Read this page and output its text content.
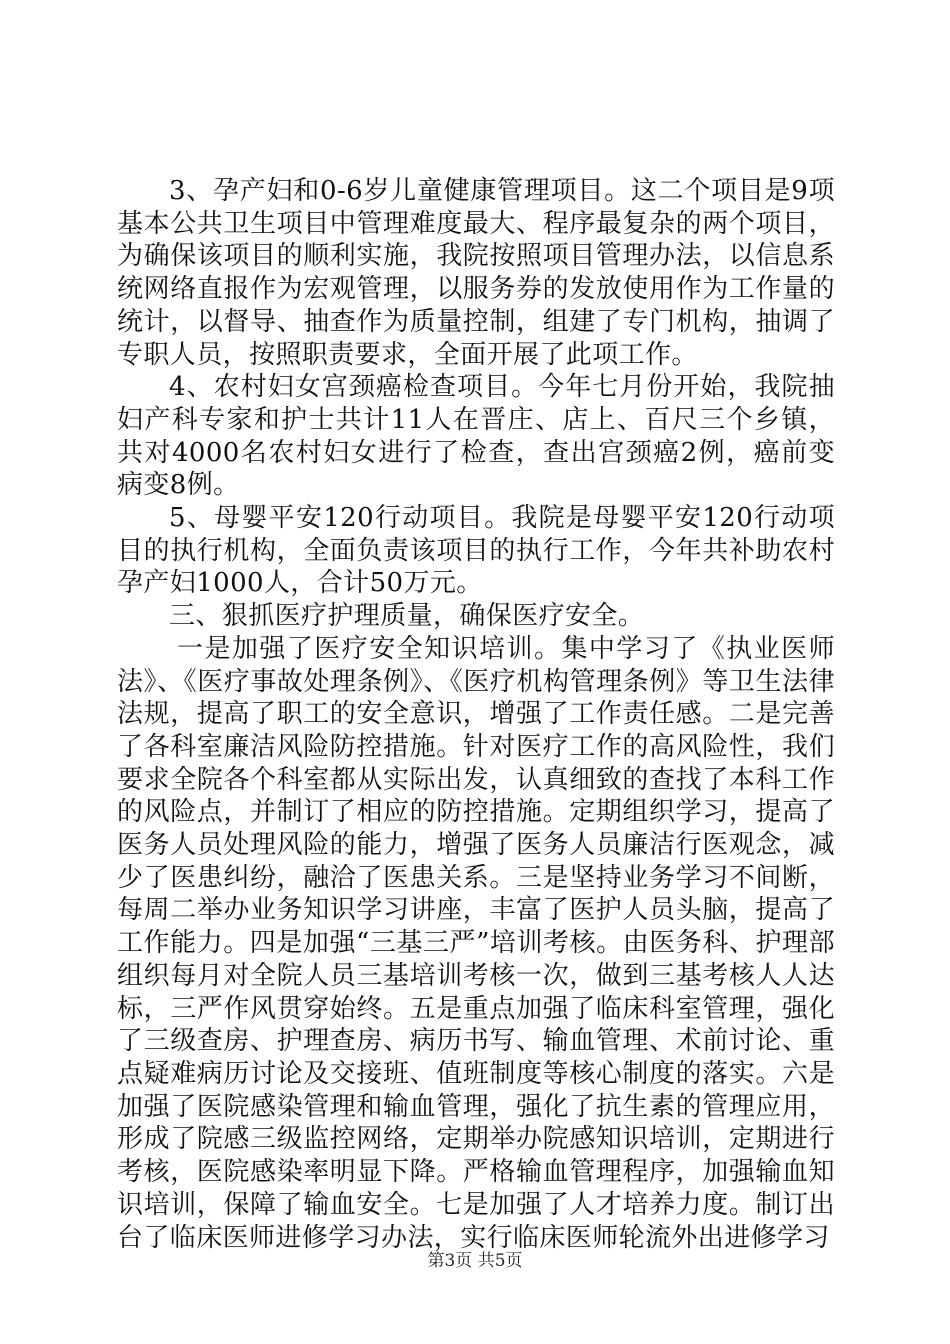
3、孕产妇和0-6岁儿童健康管理项目。这二个项目是9项基本公共卫生项目中管理难度最大、程序最复杂的两个项目，为确保该项目的顺利实施，我院按照项目管理办法，以信息系统网络直报作为宏观管理，以服务券的发放使用作为工作量的统计，以督导、抽查作为质量控制，组建了专门机构，抽调了专职人员，按照职责要求，全面开展了此项工作。

4、农村妇女宫颈癌检查项目。今年七月份开始，我院抽妇产科专家和护士共计11人在晋庄、店上、百尺三个乡镇，共对4000名农村妇女进行了检查，查出宫颈癌2例，癌前变病变8例。

5、母婴平安120行动项目。我院是母婴平安120行动项目的执行机构，全面负责该项目的执行工作，今年共补助农村孕产妇1000人，合计50万元。

三、狠抓医疗护理质量，确保医疗安全。

一是加强了医疗安全知识培训。集中学习了《执业医师法》、《医疗事故处理条例》、《医疗机构管理条例》等卫生法律法规，提高了职工的安全意识，增强了工作责任感。二是完善了各科室廉洁风险防控措施。针对医疗工作的高风险性，我们要求全院各个科室都从实际出发，认真细致的查找了本科工作的风险点，并制订了相应的防控措施。定期组织学习，提高了医务人员处理风险的能力，增强了医务人员廉洁行医观念，减少了医患纠纷，融洽了医患关系。三是坚持业务学习不间断，每周二举办业务知识学习讲座，丰富了医护人员头脑，提高了工作能力。四是加强“三基三严”培训考核。由医务科、护理部组织每月对全院人员三基培训考核一次，做到三基考核人人达标，三严作风贯穿始终。五是重点加强了临床科室管理，强化了三级查房、护理查房、病历书写、输血管理、术前讨论、重点疑难病历讨论及交接班、值班制度等核心制度的落实。六是加强了医院感染管理和输血管理，强化了抗生素的管理应用，形成了院感三级监控网络，定期举办院感知识培训，定期进行考核，医院感染率明显下降。严格输血管理程序，加强输血知识培训，保障了输血安全。七是加强了人才培养力度。制订出台了临床医师进修学习办法，实行临床医师轮流外出进修学习

第3页 共5页
